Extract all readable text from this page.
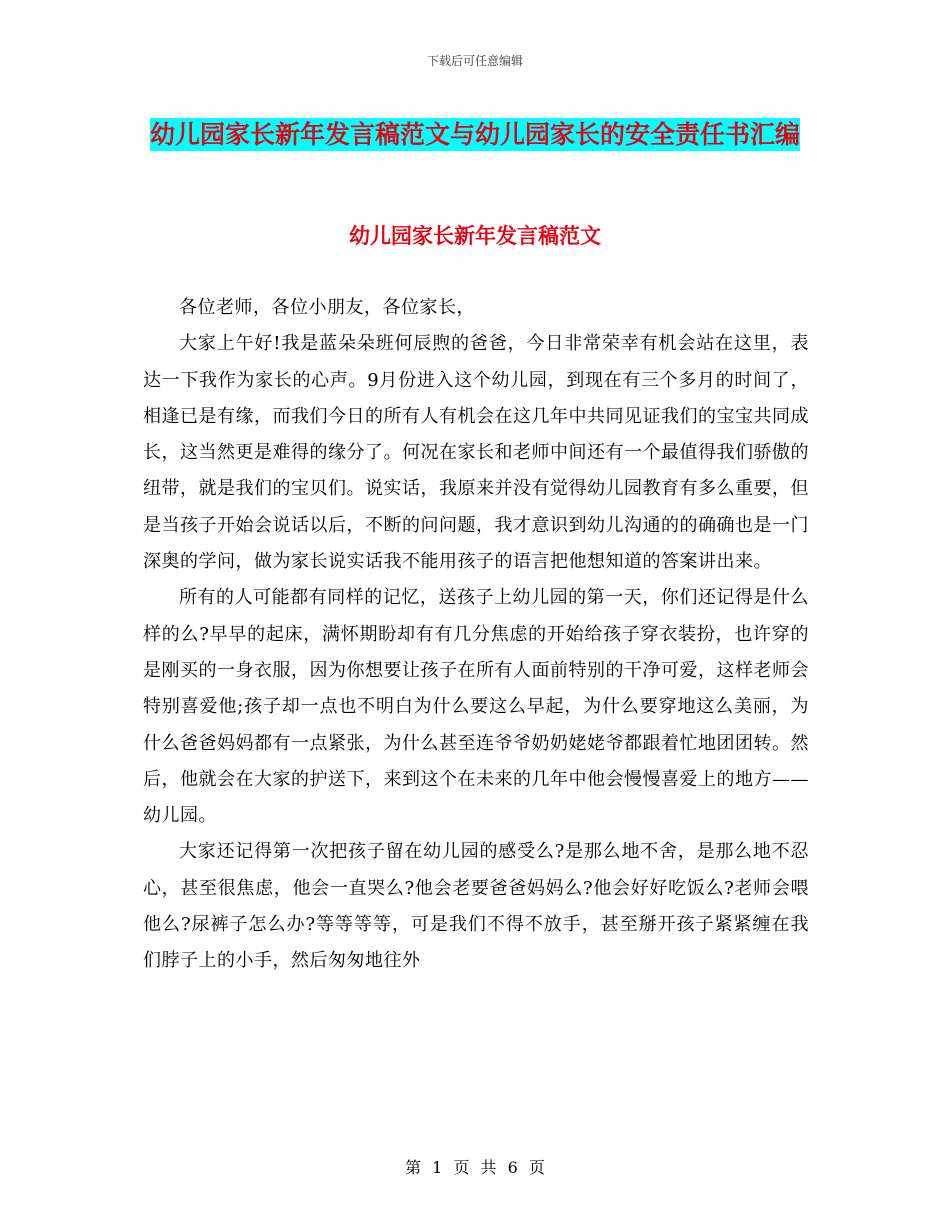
下载后可任意编辑
幼儿园家长新年发言稿范文与幼儿园家长的安全责任书汇编
幼儿园家长新年发言稿范文

各位老师，各位小朋友，各位家长，

大家上午好!我是蓝朵朵班何辰煦的爸爸，今日非常荣幸有机会站在这里，表达一下我作为家长的心声。9月份进入这个幼儿园，到现在有三个多月的时间了，相逢已是有缘，而我们今日的所有人有机会在这几年中共同见证我们的宝宝共同成长，这当然更是难得的缘分了。何况在家长和老师中间还有一个最值得我们骄傲的纽带，就是我们的宝贝们。说实话，我原来并没有觉得幼儿园教育有多么重要，但是当孩子开始会说话以后，不断的问问题，我才意识到幼儿沟通的的确确也是一门深奥的学问，做为家长说实话我不能用孩子的语言把他想知道的答案讲出来。

所有的人可能都有同样的记忆，送孩子上幼儿园的第一天，你们还记得是什么样的么?早早的起床，满怀期盼却有有几分焦虑的开始给孩子穿衣装扮，也许穿的是刚买的一身衣服，因为你想要让孩子在所有人面前特别的干净可爱，这样老师会特别喜爱他;孩子却一点也不明白为什么要这么早起，为什么要穿地这么美丽，为什么爸爸妈妈都有一点紧张，为什么甚至连爷爷奶奶姥姥爷都跟着忙地团团转。然后，他就会在大家的护送下，来到这个在未来的几年中他会慢慢喜爱上的地方——幼儿园。

大家还记得第一次把孩子留在幼儿园的感受么?是那么地不舍，是那么地不忍心，甚至很焦虑，他会一直哭么?他会老要爸爸妈妈么?他会好好吃饭么?老师会喂他么?尿裤子怎么办?等等等等，可是我们不得不放手，甚至掰开孩子紧紧缠在我们脖子上的小手，然后匆匆地往外

第 1 页 共 6 页
